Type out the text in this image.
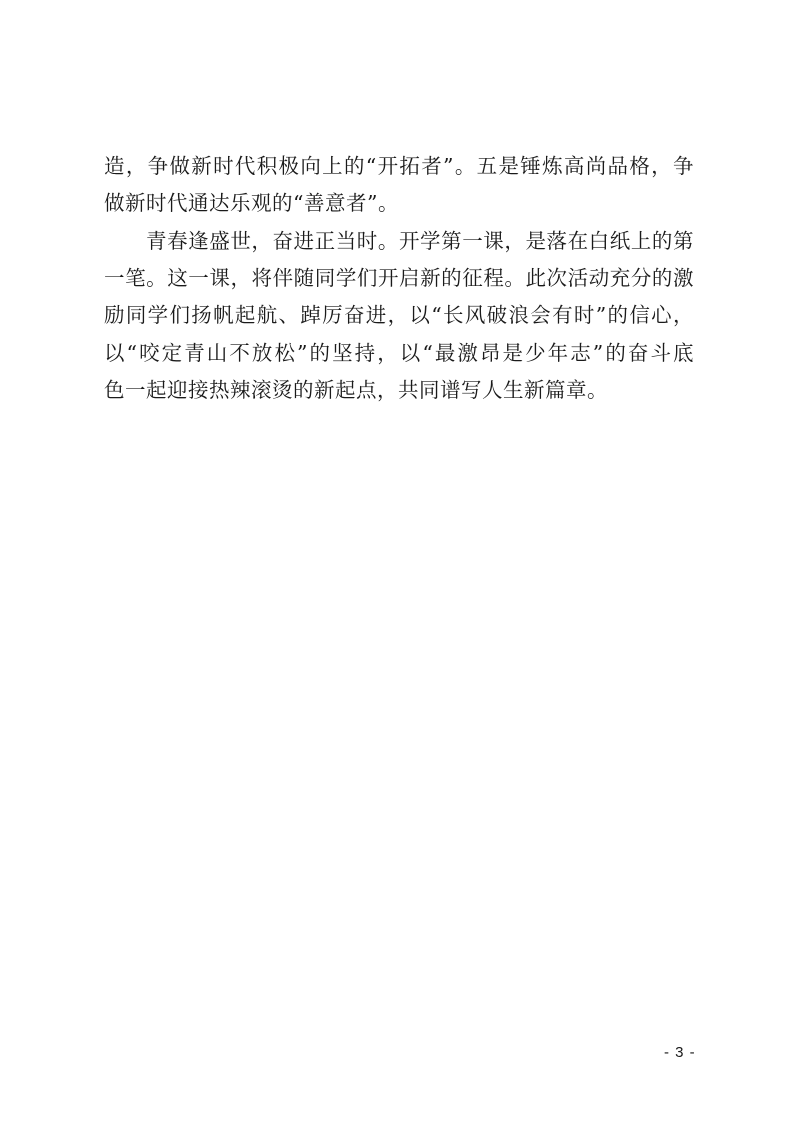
造，争做新时代积极向上的“开拓者”。五是锤炼高尚品格，争
做新时代通达乐观的“善意者”。
青春逢盛世，奋进正当时。开学第一课，是落在白纸上的第
一笔。这一课，将伴随同学们开启新的征程。此次活动充分的激
励同学们扬帆起航、踔厉奋进，以“长风破浪会有时”的信心，
以“咬定青山不放松”的坚持，以“最激昂是少年志”的奋斗底
色一起迎接热辣滚烫的新起点，共同谱写人生新篇章。
- 3 -
